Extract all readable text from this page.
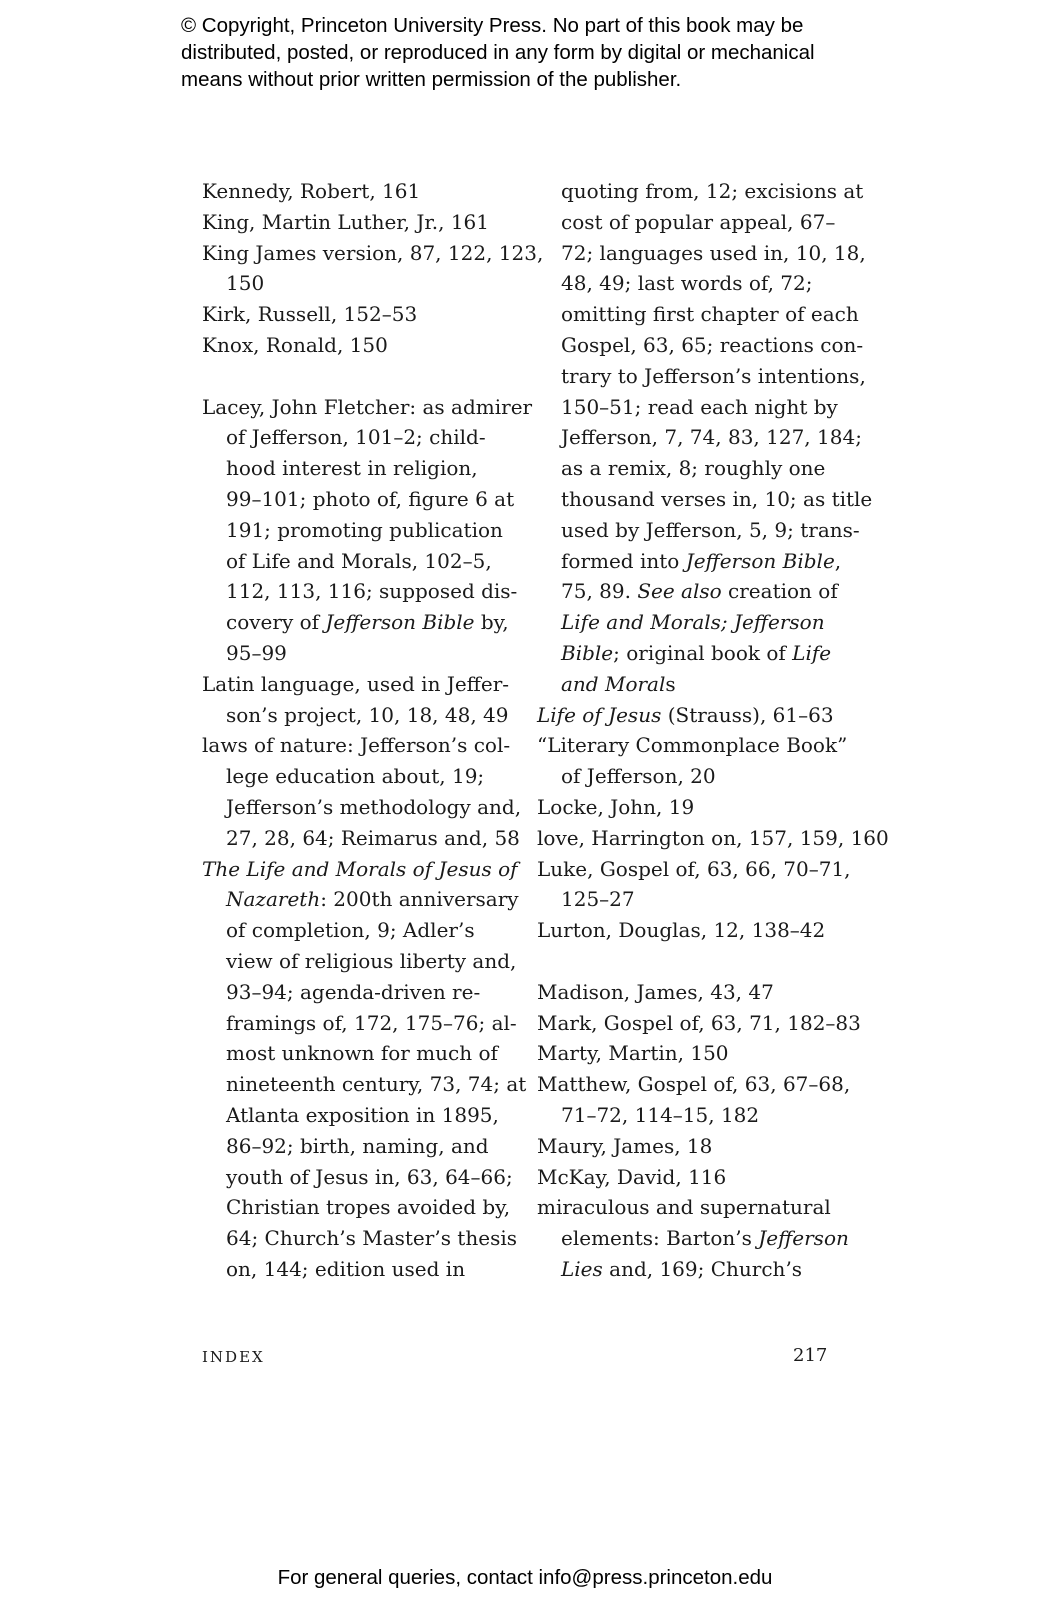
© Copyright, Princeton University Press. No part of this book may be
distributed, posted, or reproduced in any form by digital or mechanical
means without prior written permission of the publisher.
Kennedy, Robert, 161
King, Martin Luther, Jr., 161
King James version, 87, 122, 123,
150
Kirk, Russell, 152–53
Knox, Ronald, 150
Lacey, John Fletcher: as admirer
of Jefferson, 101–2; child-
hood interest in religion,
99–101; photo of, figure 6 at
191; promoting publication
of Life and Morals, 102–5,
112, 113, 116; supposed dis-
covery of Jefferson Bible by,
95–99
Latin language, used in Jeffer-
son’s project, 10, 18, 48, 49
laws of nature: Jefferson’s col-
lege education about, 19;
Jefferson’s methodology and,
27, 28, 64; Reimarus and, 58
The Life and Morals of Jesus of
Nazareth: 200th anniversary
of completion, 9; Adler’s
view of religious liberty and,
93–94; agenda-driven re-
framings of, 172, 175–76; al-
most unknown for much of
nineteenth century, 73, 74; at
Atlanta exposition in 1895,
86–92; birth, naming, and
youth of Jesus in, 63, 64–66;
Christian tropes avoided by,
64; Church’s Master’s thesis
on, 144; edition used in
quoting from, 12; excisions at
cost of popular appeal, 67–
72; languages used in, 10, 18,
48, 49; last words of, 72;
omitting first chapter of each
Gospel, 63, 65; reactions con-
trary to Jefferson’s intentions,
150–51; read each night by
Jefferson, 7, 74, 83, 127, 184;
as a remix, 8; roughly one
thousand verses in, 10; as title
used by Jefferson, 5, 9; trans-
formed into Jefferson Bible,
75, 89. See also creation of
Life and Morals; Jefferson
Bible; original book of Life
and Morals
Life of Jesus (Strauss), 61–63
“Literary Commonplace Book”
of Jefferson, 20
Locke, John, 19
love, Harrington on, 157, 159, 160
Luke, Gospel of, 63, 66, 70–71,
125–27
Lurton, Douglas, 12, 138–42
Madison, James, 43, 47
Mark, Gospel of, 63, 71, 182–83
Marty, Martin, 150
Matthew, Gospel of, 63, 67–68,
71–72, 114–15, 182
Maury, James, 18
McKay, David, 116
miraculous and supernatural
elements: Barton’s Jefferson
Lies and, 169; Church’s
INDEX	217
For general queries, contact info@press.princeton.edu
